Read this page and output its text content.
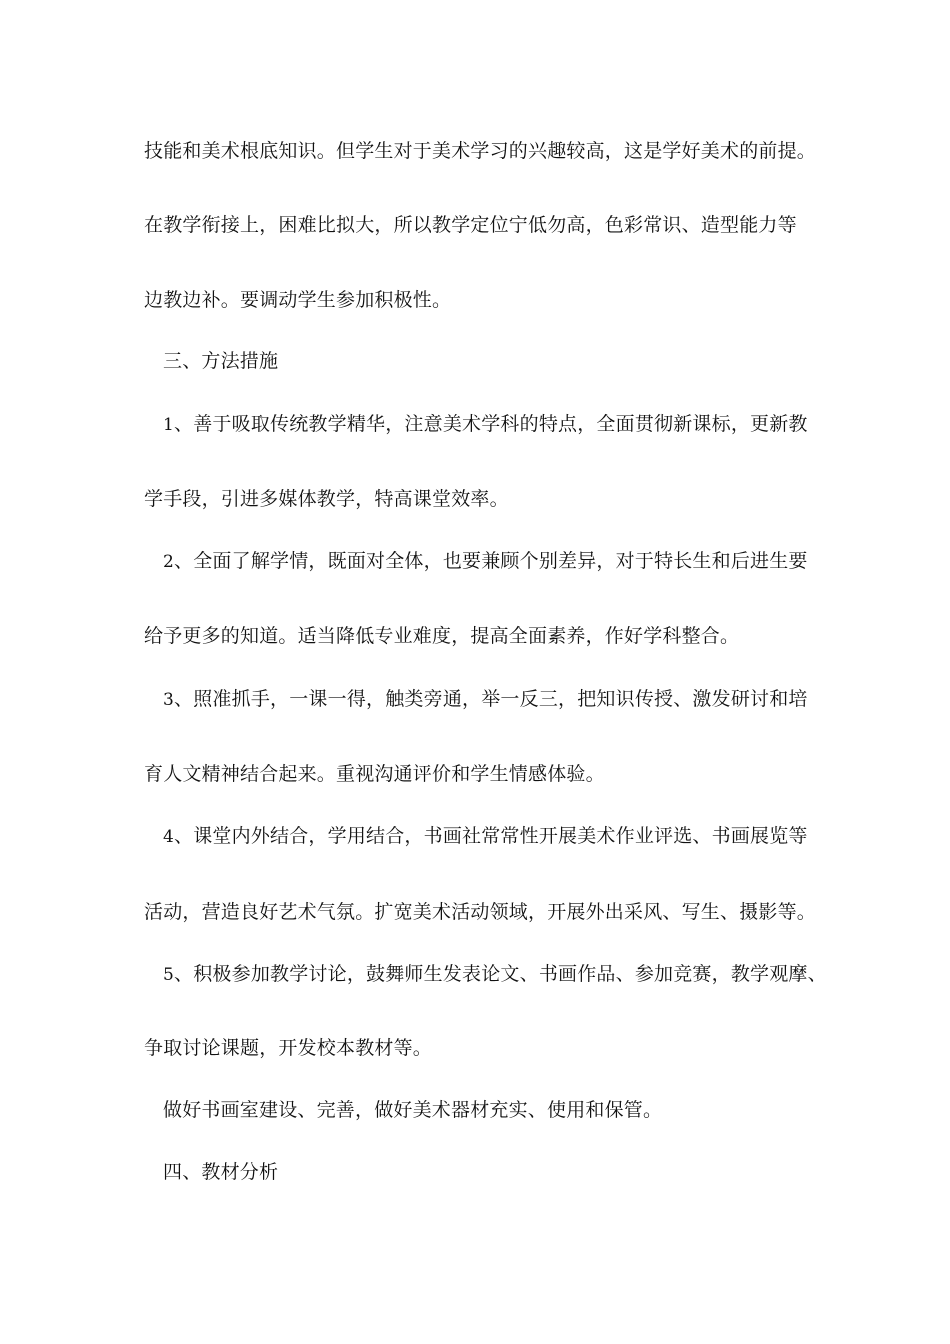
技能和美术根底知识。但学生对于美术学习的兴趣较高，这是学好美术的前提。
在教学衔接上，困难比拟大，所以教学定位宁低勿高，色彩常识、造型能力等
边教边补。要调动学生参加积极性。
三、方法措施
1、善于吸取传统教学精华，注意美术学科的特点，全面贯彻新课标，更新教
学手段，引进多媒体教学，特高课堂效率。
2、全面了解学情，既面对全体，也要兼顾个别差异，对于特长生和后进生要
给予更多的知道。适当降低专业难度，提高全面素养，作好学科整合。
3、照准抓手，一课一得，触类旁通，举一反三，把知识传授、激发研讨和培
育人文精神结合起来。重视沟通评价和学生情感体验。
4、课堂内外结合，学用结合，书画社常常性开展美术作业评选、书画展览等
活动，营造良好艺术气氛。扩宽美术活动领域，开展外出采风、写生、摄影等。
5、积极参加教学讨论，鼓舞师生发表论文、书画作品、参加竞赛，教学观摩、
争取讨论课题，开发校本教材等。
做好书画室建设、完善，做好美术器材充实、使用和保管。
四、教材分析
